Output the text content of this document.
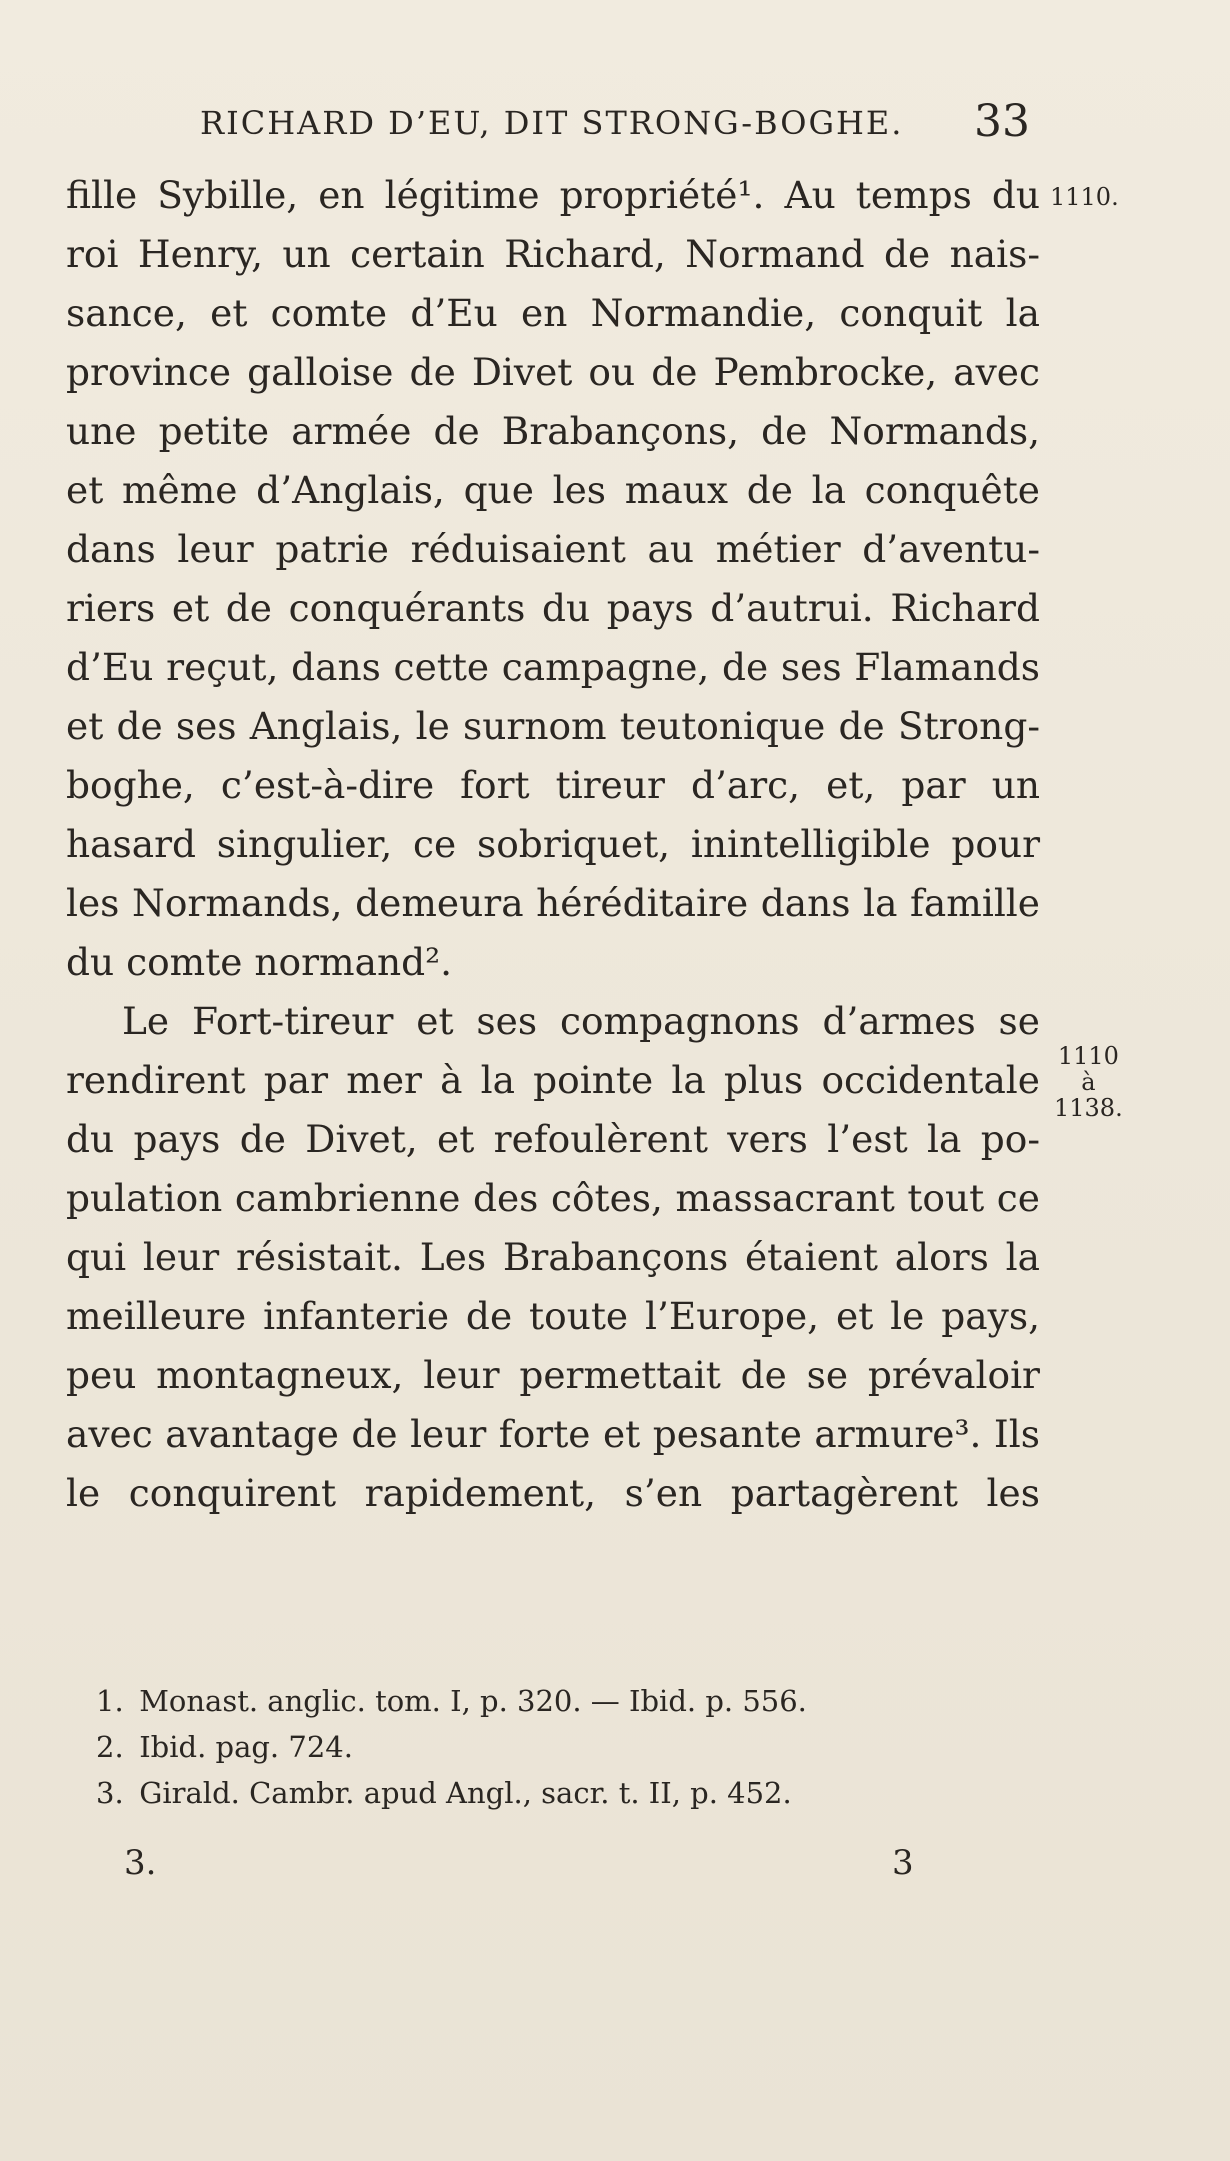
RICHARD D’EU, DIT STRONG-BOGHE. 33
fille Sybille, en légitime propriété¹. Au temps du
roi Henry, un certain Richard, Normand de nais-
sance, et comte d’Eu en Normandie, conquit la
province galloise de Divet ou de Pembrocke, avec
une petite armée de Brabançons, de Normands,
et même d’Anglais, que les maux de la conquête
dans leur patrie réduisaient au métier d’aventu-
riers et de conquérants du pays d’autrui. Richard
d’Eu reçut, dans cette campagne, de ses Flamands
et de ses Anglais, le surnom teutonique de Strong-
boghe, c’est-à-dire fort tireur d’arc, et, par un
hasard singulier, ce sobriquet, inintelligible pour
les Normands, demeura héréditaire dans la famille
du comte normand².
Le Fort-tireur et ses compagnons d’armes se
rendirent par mer à la pointe la plus occidentale
du pays de Divet, et refoulèrent vers l’est la po-
pulation cambrienne des côtes, massacrant tout ce
qui leur résistait. Les Brabançons étaient alors la
meilleure infanterie de toute l’Europe, et le pays,
peu montagneux, leur permettait de se prévaloir
avec avantage de leur forte et pesante armure³. Ils
le conquirent rapidement, s’en partagèrent les
1110.
1110
à
1138.
1. Monast. anglic. tom. I, p. 320. — Ibid. p. 556.
2. Ibid. pag. 724.
3. Girald. Cambr. apud Angl., sacr. t. II, p. 452.
3.	3
